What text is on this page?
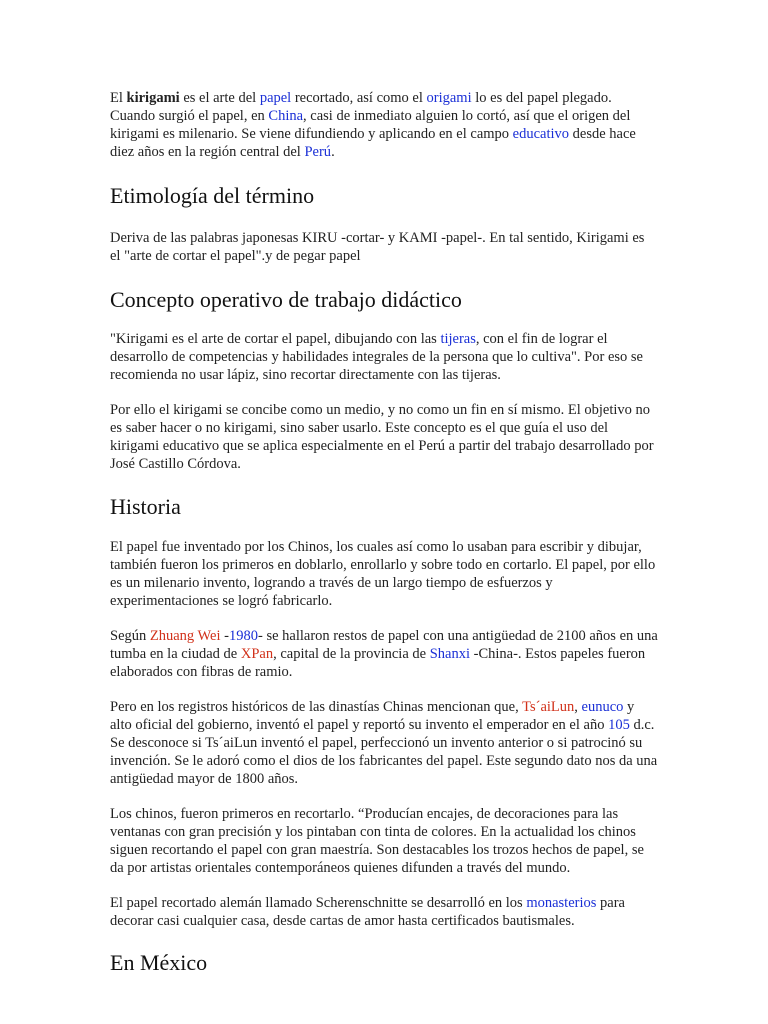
El kirigami es el arte del papel recortado, así como el origami lo es del papel plegado. Cuando surgió el papel, en China, casi de inmediato alguien lo cortó, así que el origen del kirigami es milenario. Se viene difundiendo y aplicando en el campo educativo desde hace diez años en la región central del Perú.

Etimología del término

Deriva de las palabras japonesas KIRU -cortar- y KAMI -papel-. En tal sentido, Kirigami es el "arte de cortar el papel".y de pegar papel

Concepto operativo de trabajo didáctico

"Kirigami es el arte de cortar el papel, dibujando con las tijeras, con el fin de lograr el desarrollo de competencias y habilidades integrales de la persona que lo cultiva". Por eso se recomienda no usar lápiz, sino recortar directamente con las tijeras.

Por ello el kirigami se concibe como un medio, y no como un fin en sí mismo. El objetivo no es saber hacer o no kirigami, sino saber usarlo. Este concepto es el que guía el uso del kirigami educativo que se aplica especialmente en el Perú a partir del trabajo desarrollado por José Castillo Córdova.

Historia

El papel fue inventado por los Chinos, los cuales así como lo usaban para escribir y dibujar, también fueron los primeros en doblarlo, enrollarlo y sobre todo en cortarlo. El papel, por ello es un milenario invento, logrando a través de un largo tiempo de esfuerzos y experimentaciones se logró fabricarlo.

Según Zhuang Wei -1980- se hallaron restos de papel con una antigüedad de 2100 años en una tumba en la ciudad de XPan, capital de la provincia de Shanxi -China-. Estos papeles fueron elaborados con fibras de ramio.

Pero en los registros históricos de las dinastías Chinas mencionan que, Ts´aiLun, eunuco y alto oficial del gobierno, inventó el papel y reportó su invento el emperador en el año 105 d.c. Se desconoce si Ts´aiLun inventó el papel, perfeccionó un invento anterior o si patrocinó su invención. Se le adoró como el dios de los fabricantes del papel. Este segundo dato nos da una antigüedad mayor de 1800 años.

Los chinos, fueron primeros en recortarlo. “Producían encajes, de decoraciones para las ventanas con gran precisión y los pintaban con tinta de colores. En la actualidad los chinos siguen recortando el papel con gran maestría. Son destacables los trozos hechos de papel, se da por artistas orientales contemporáneos quienes difunden a través del mundo.

El papel recortado alemán llamado Scherenschnitte se desarrolló en los monasterios para decorar casi cualquier casa, desde cartas de amor hasta certificados bautismales.

En México
